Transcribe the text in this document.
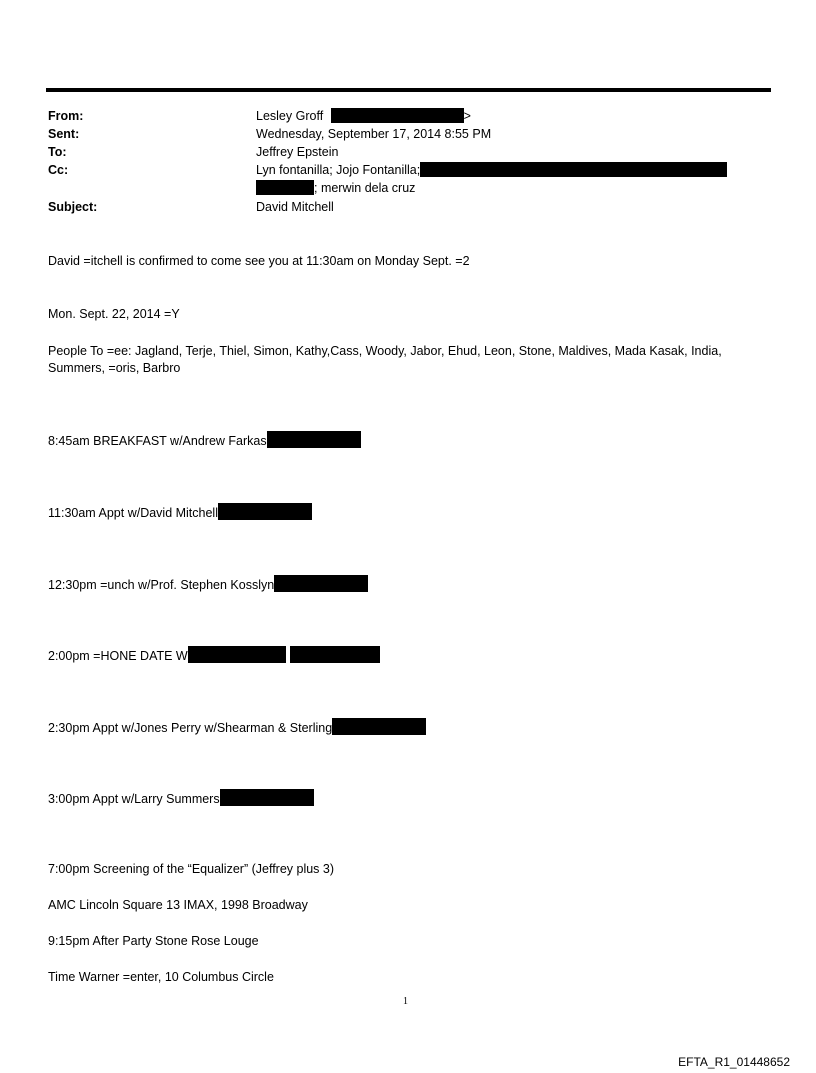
From:	Lesley Groff	>
Sent:	Wednesday, September 17, 2014 8:55 PM
To:	Jeffrey Epstein
Cc:	Lyn fontanilla; Jojo Fontanilla;
; merwin dela cruz
Subject:	David Mitchell
David =itchell is confirmed to come see you at 11:30am on Monday Sept. =2
Mon. Sept. 22, 2014 =Y
People To =ee: Jagland, Terje, Thiel, Simon, Kathy,Cass, Woody, Jabor, Ehud, Leon, Stone, Maldives, Mada Kasak, India, Summers, =oris, Barbro
8:45am BREAKFAST w/Andrew Farkas
11:30am Appt w/David Mitchell
12:30pm =unch w/Prof. Stephen Kosslyn
2:00pm =HONE DATE W
2:30pm Appt w/Jones Perry w/Shearman & Sterling
3:00pm Appt w/Larry Summers
7:00pm Screening of the “Equalizer” (Jeffrey plus 3)
AMC Lincoln Square 13 IMAX, 1998 Broadway
9:15pm After Party Stone Rose Louge
Time Warner =enter, 10 Columbus Circle
1
EFTA_R1_01448652
